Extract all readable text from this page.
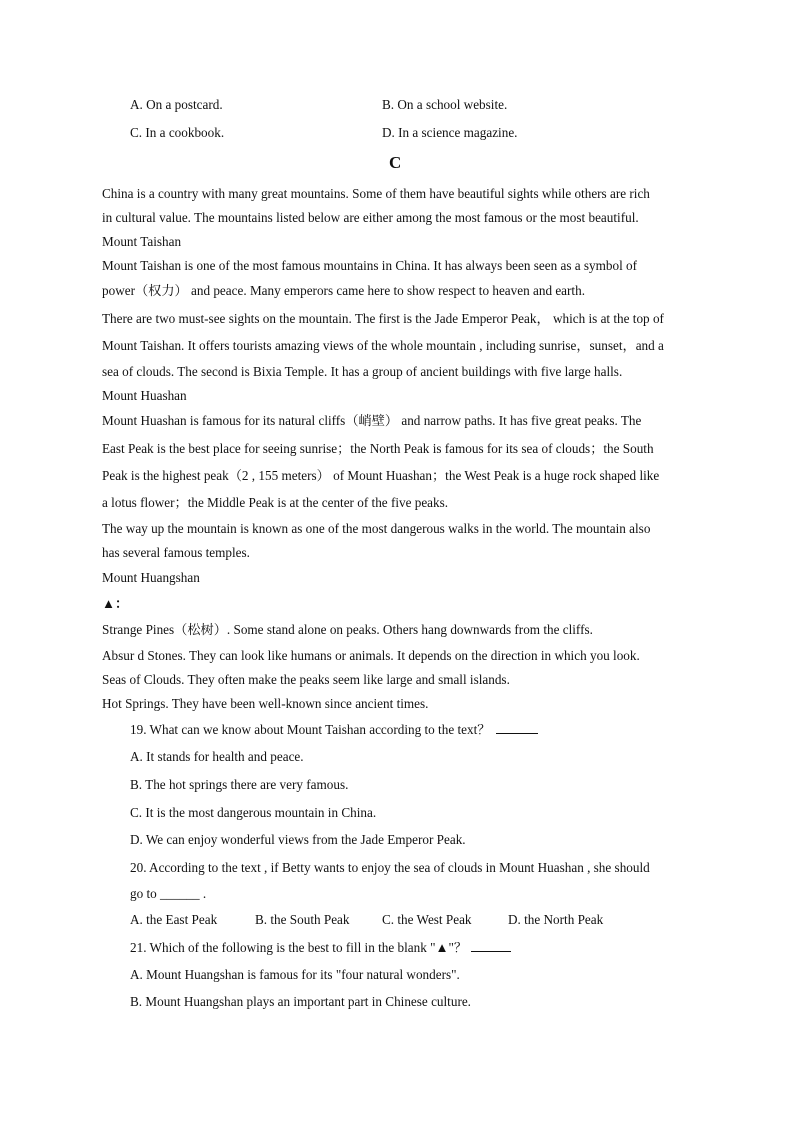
A. On a postcard.	B. On a school website.
C. In a cookbook.	D. In a science magazine.
C
China is a country with many great mountains. Some of them have beautiful sights while others are rich
in cultural value. The mountains listed below are either among the most famous or the most beautiful.
Mount Taishan
Mount Taishan is one of the most famous mountains in China. It has always been seen as a symbol of
power（权力） and peace. Many emperors came here to show respect to heaven and earth.
There are two must-see sights on the mountain. The first is the Jade Emperor Peak， which is at the top of
Mount Taishan. It offers tourists amazing views of the whole mountain , including sunrise，sunset，and a
sea of clouds. The second is Bixia Temple. It has a group of ancient buildings with five large halls.
Mount Huashan
Mount Huashan is famous for its natural cliffs（峭壁） and narrow paths. It has five great peaks. The
East Peak is the best place for seeing sunrise；the North Peak is famous for its sea of clouds；the South
Peak is the highest peak（2 , 155 meters） of Mount Huashan；the West Peak is a huge rock shaped like
a lotus flower；the Middle Peak is at the center of the five peaks.
The way up the mountain is known as one of the most dangerous walks in the world. The mountain also
has several famous temples.
Mount Huangshan
▲：
Strange Pines（松树）. Some stand alone on peaks. Others hang downwards from the cliffs.
Absur d Stones. They can look like humans or animals. It depends on the direction in which you look.
Seas of Clouds. They often make the peaks seem like large and small islands.
Hot Springs. They have been well-known since ancient times.
19. What can we know about Mount Taishan according to the text？
A. It stands for health and peace.
B. The hot springs there are very famous.
C. It is the most dangerous mountain in China.
D. We can enjoy wonderful views from the Jade Emperor Peak.
20. According to the text , if Betty wants to enjoy the sea of clouds in Mount Huashan , she should
go to ______ .
A. the East Peak	B. the South Peak C. the West Peak	D. the North Peak
21. Which of the following is the best to fill in the blank "▲"？
A. Mount Huangshan is famous for its "four natural wonders".
B. Mount Huangshan plays an important part in Chinese culture.
